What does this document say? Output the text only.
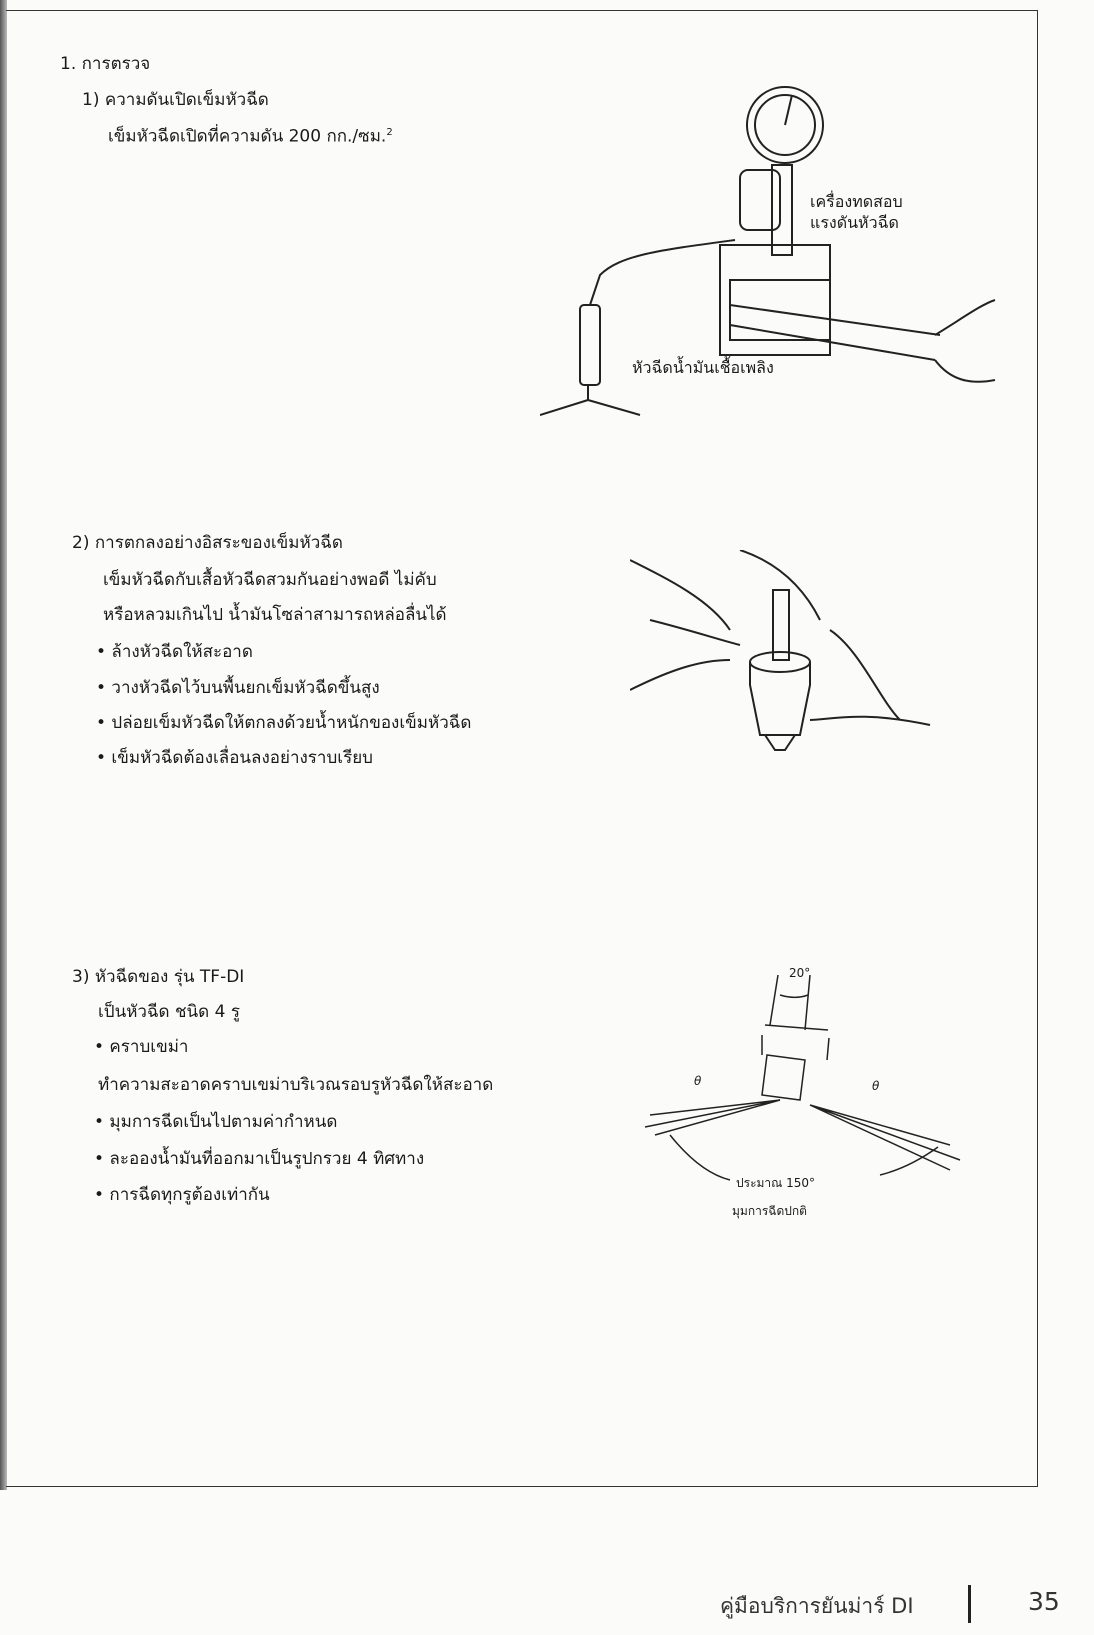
1. การตรวจ
1) ความดันเปิดเข็มหัวฉีด
เข็มหัวฉีดเปิดที่ความดัน 200 กก./ซม.$^2$
เครื่องทดสอบ
แรงดันหัวฉีด
หัวฉีดน้ำมันเชื้อเพลิง
2) การตกลงอย่างอิสระของเข็มหัวฉีด
เข็มหัวฉีดกับเสื้อหัวฉีดสวมกันอย่างพอดี ไม่คับ
หรือหลวมเกินไป น้ำมันโซล่าสามารถหล่อลื่นได้
• ล้างหัวฉีดให้สะอาด
• วางหัวฉีดไว้บนพื้นยกเข็มหัวฉีดขึ้นสูง
• ปล่อยเข็มหัวฉีดให้ตกลงด้วยน้ำหนักของเข็มหัวฉีด
• เข็มหัวฉีดต้องเลื่อนลงอย่างราบเรียบ
3) หัวฉีดของ รุ่น TF-DI
เป็นหัวฉีด ชนิด 4 รู
• คราบเขม่า
ทำความสะอาดคราบเขม่าบริเวณรอบรูหัวฉีดให้สะอาด
• มุมการฉีดเป็นไปตามค่ากำหนด
• ละอองน้ำมันที่ออกมาเป็นรูปกรวย 4 ทิศทาง
• การฉีดทุกรูต้องเท่ากัน
20°
θ	θ
ประมาณ 150°
มุมการฉีดปกติ
คู่มือบริการยันม่าร์ DI	35
